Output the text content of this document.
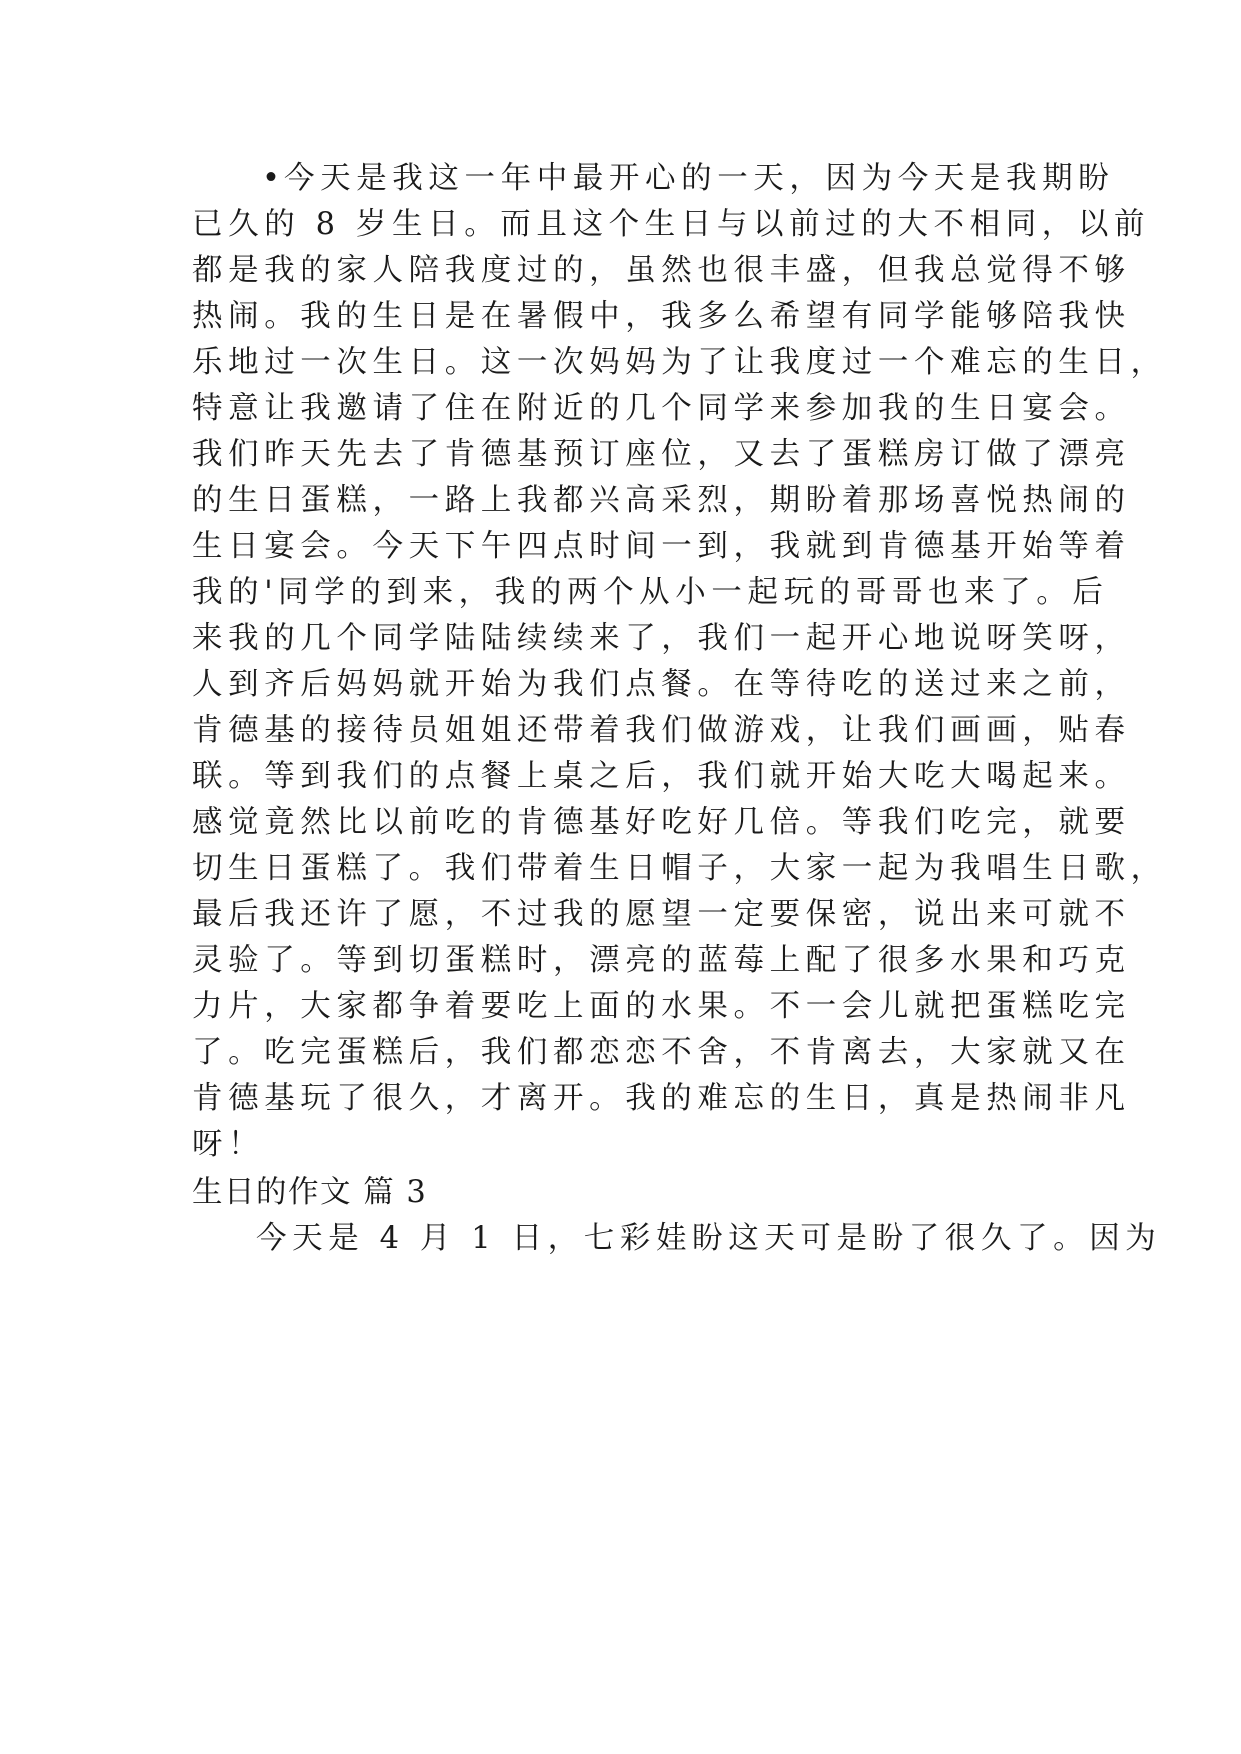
• 今天是我这一年中最开心的一天，因为今天是我期盼
已久的 8 岁生日。而且这个生日与以前过的大不相同，以前
都是我的家人陪我度过的，虽然也很丰盛，但我总觉得不够
热闹。我的生日是在暑假中，我多么希望有同学能够陪我快
乐地过一次生日。这一次妈妈为了让我度过一个难忘的生日，
特意让我邀请了住在附近的几个同学来参加我的生日宴会。
我们昨天先去了肯德基预订座位，又去了蛋糕房订做了漂亮
的生日蛋糕，一路上我都兴高采烈，期盼着那场喜悦热闹的
生日宴会。今天下午四点时间一到，我就到肯德基开始等着
我的'同学的到来，我的两个从小一起玩的哥哥也来了。后
来我的几个同学陆陆续续来了，我们一起开心地说呀笑呀，
人到齐后妈妈就开始为我们点餐。在等待吃的送过来之前，
肯德基的接待员姐姐还带着我们做游戏，让我们画画，贴春
联。等到我们的点餐上桌之后，我们就开始大吃大喝起来。
感觉竟然比以前吃的肯德基好吃好几倍。等我们吃完，就要
切生日蛋糕了。我们带着生日帽子，大家一起为我唱生日歌，
最后我还许了愿，不过我的愿望一定要保密，说出来可就不
灵验了。等到切蛋糕时，漂亮的蓝莓上配了很多水果和巧克
力片，大家都争着要吃上面的水果。不一会儿就把蛋糕吃完
了。吃完蛋糕后，我们都恋恋不舍，不肯离去，大家就又在
肯德基玩了很久，才离开。我的难忘的生日，真是热闹非凡
呀！
生日的作文 篇 3
今天是 4 月 1 日，七彩娃盼这天可是盼了很久了。因为
